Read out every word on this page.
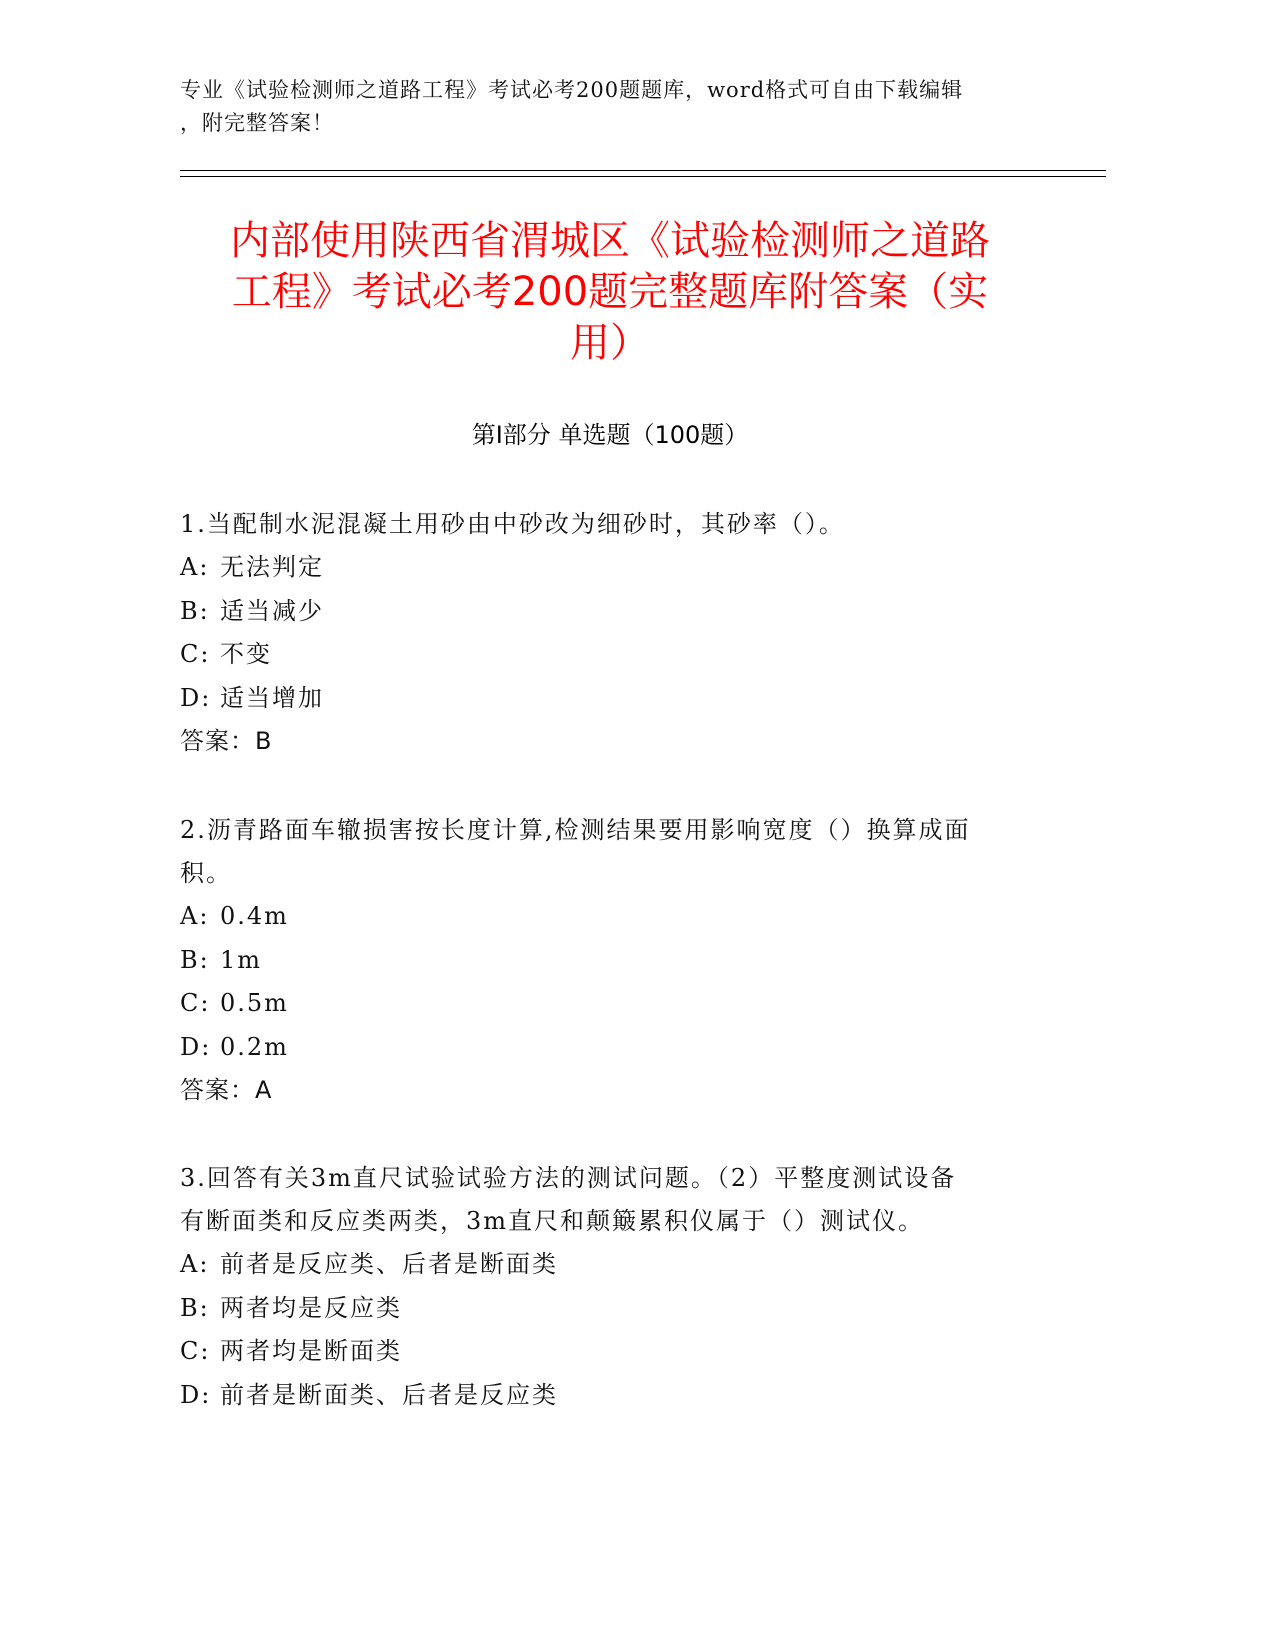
专业《试验检测师之道路工程》考试必考200题题库，word格式可自由下载编辑
，附完整答案！
内部使用陕西省渭城区《试验检测师之道路
工程》考试必考200题完整题库附答案（实
用）
第Ⅰ部分 单选题（100题）
1.当配制水泥混凝土用砂由中砂改为细砂时，其砂率（）。
A: 无法判定
B: 适当减少
C: 不变
D: 适当增加
答案：B
2.沥青路面车辙损害按长度计算,检测结果要用影响宽度（）换算成面
积。
A: 0.4m
B: 1m
C: 0.5m
D: 0.2m
答案：A
3.回答有关3m直尺试验试验方法的测试问题。（2）平整度测试设备
有断面类和反应类两类，3m直尺和颠簸累积仪属于（）测试仪。
A: 前者是反应类、后者是断面类
B: 两者均是反应类
C: 两者均是断面类
D: 前者是断面类、后者是反应类
